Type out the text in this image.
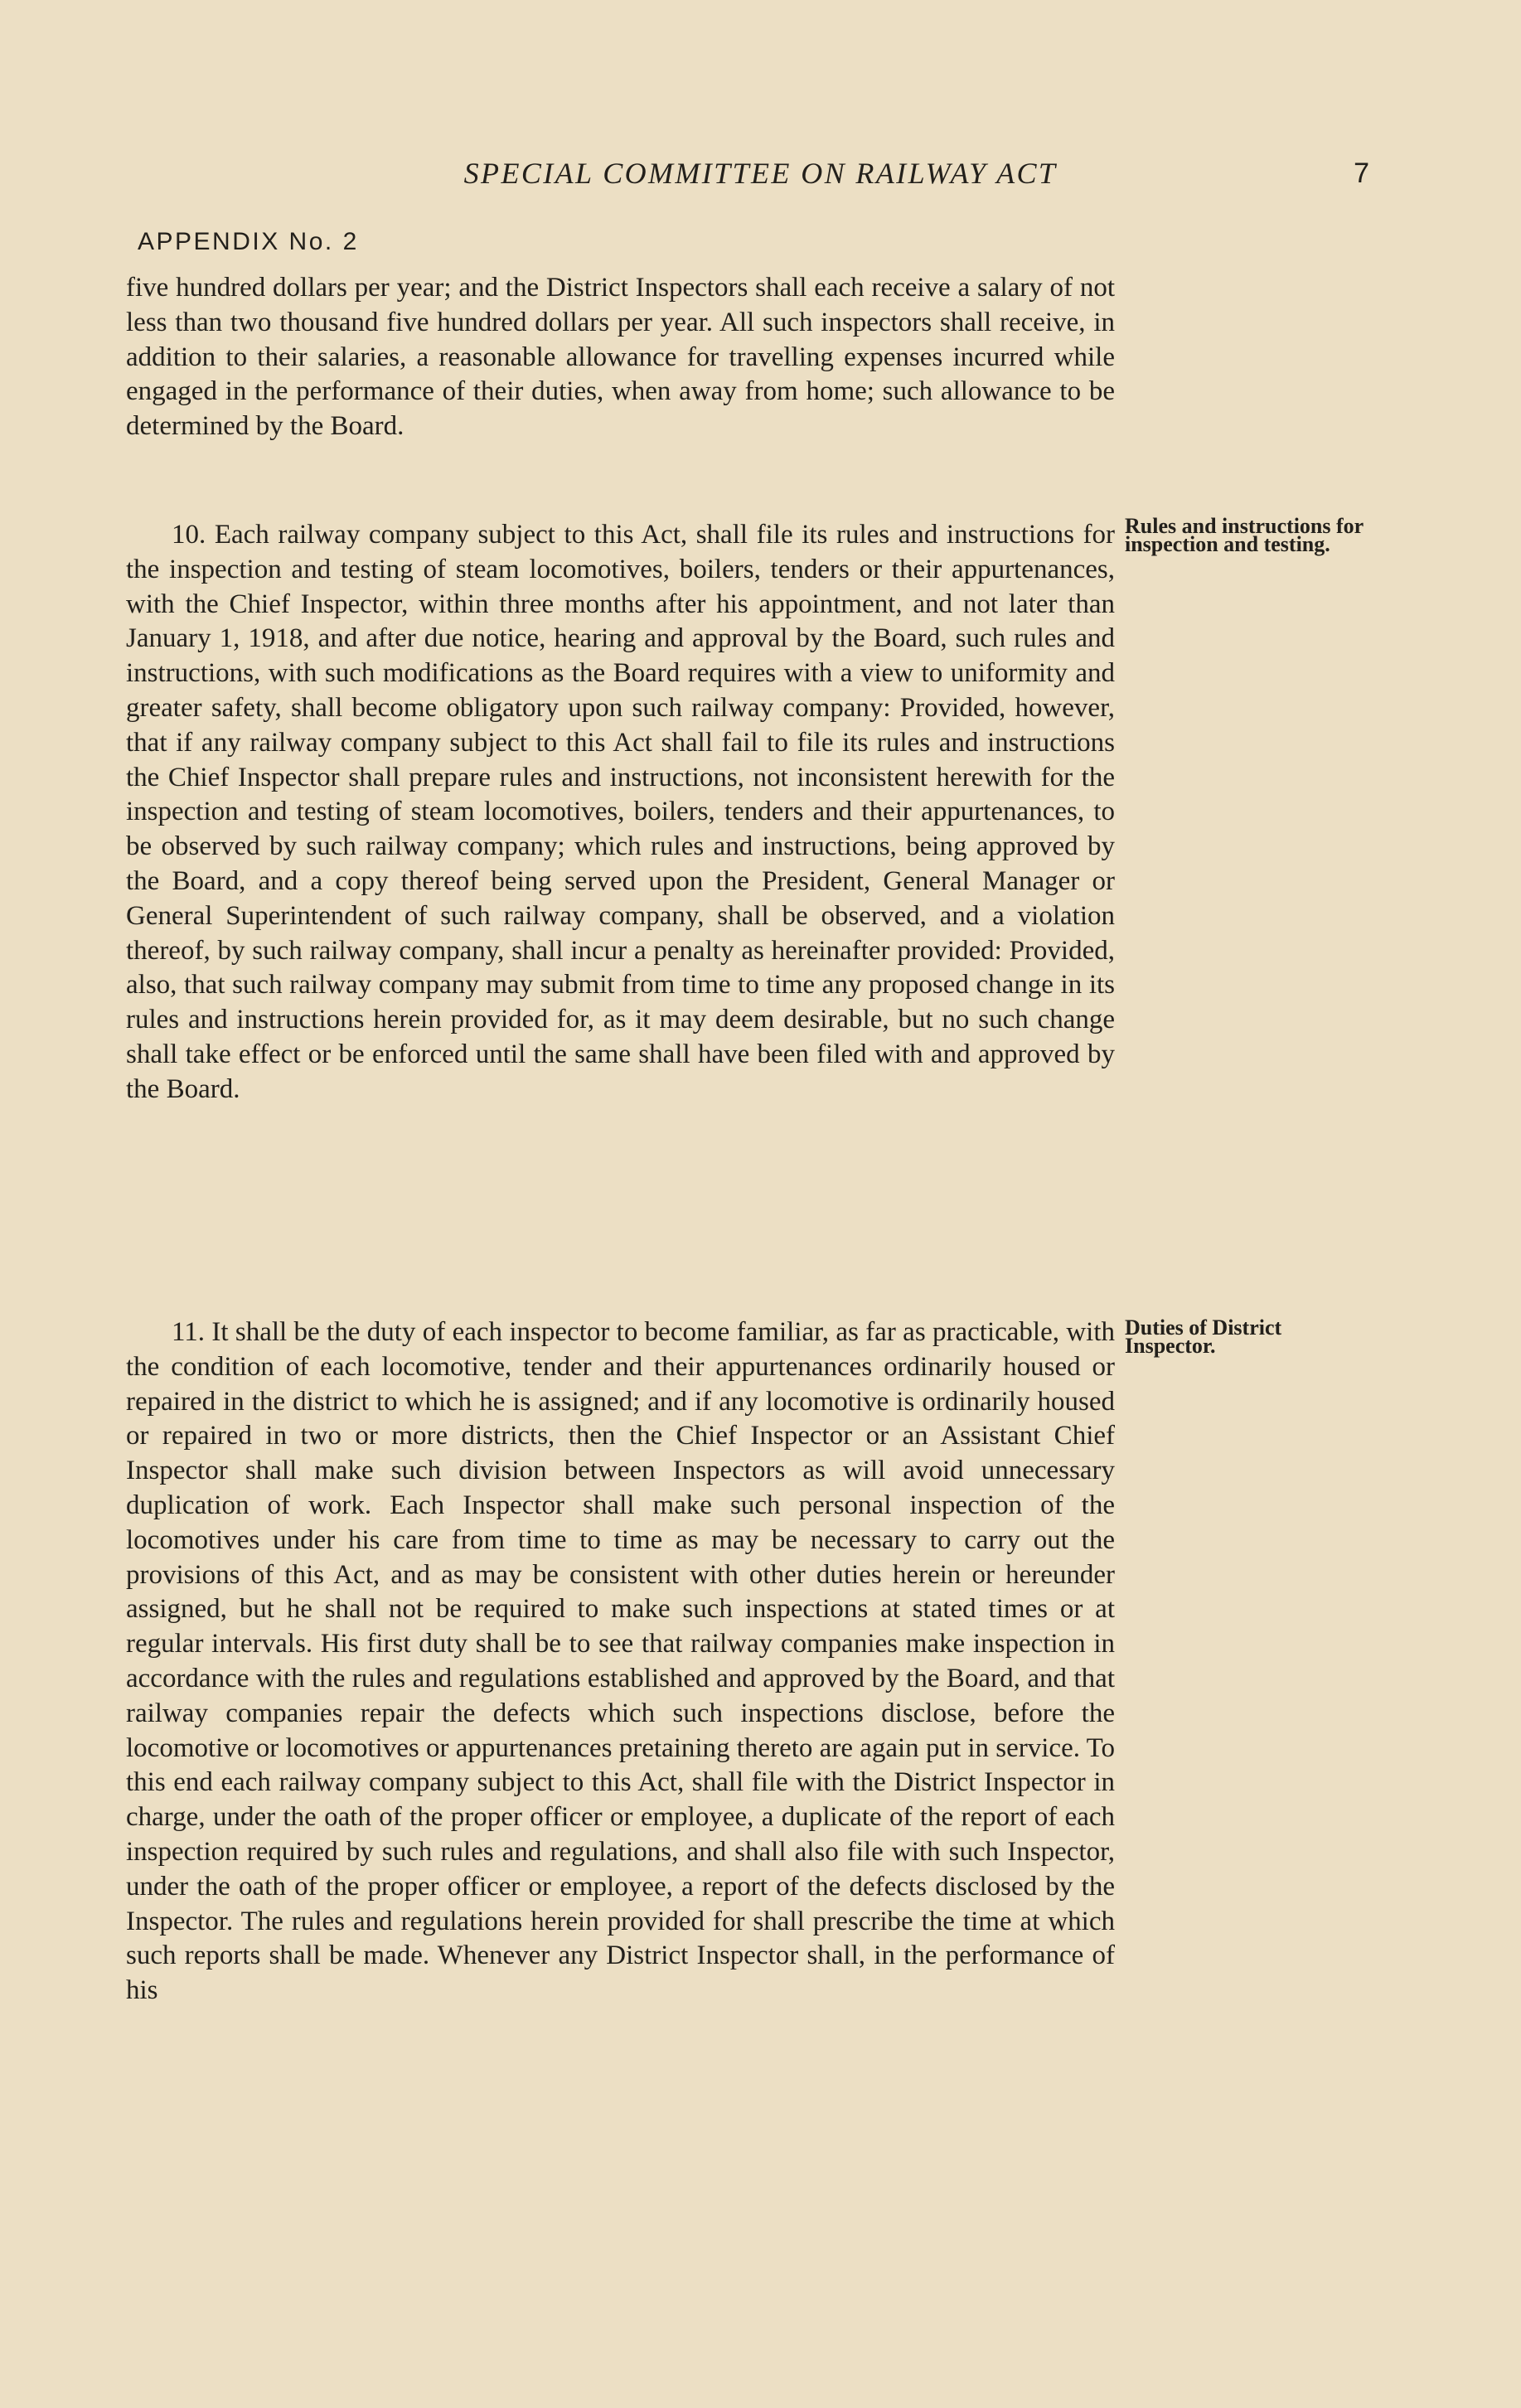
SPECIAL COMMITTEE ON RAILWAY ACT	7
APPENDIX No. 2

five hundred dollars per year; and the District Inspectors shall each receive a salary of not less than two thousand five hundred dollars per year. All such inspectors shall receive, in addition to their salaries, a reasonable allowance for travelling expenses incurred while engaged in the performance of their duties, when away from home; such allowance to be determined by the Board.

Rules and instructions for inspection and testing.

10. Each railway company subject to this Act, shall file its rules and instructions for the inspection and testing of steam locomotives, boilers, tenders or their appurtenances, with the Chief Inspector, within three months after his appointment, and not later than January 1, 1918, and after due notice, hearing and approval by the Board, such rules and instructions, with such modifications as the Board requires with a view to uniformity and greater safety, shall become obligatory upon such railway company: Provided, however, that if any railway company subject to this Act shall fail to file its rules and instructions the Chief Inspector shall prepare rules and instructions, not inconsistent herewith for the inspection and testing of steam locomotives, boilers, tenders and their appurtenances, to be observed by such railway company; which rules and instructions, being approved by the Board, and a copy thereof being served upon the President, General Manager or General Superintendent of such railway company, shall be observed, and a violation thereof, by such railway company, shall incur a penalty as hereinafter provided: Provided, also, that such railway company may submit from time to time any proposed change in its rules and instructions herein provided for, as it may deem desirable, but no such change shall take effect or be enforced until the same shall have been filed with and approved by the Board.

Duties of District Inspector.

11. It shall be the duty of each inspector to become familiar, as far as practicable, with the condition of each locomotive, tender and their appurtenances ordinarily housed or repaired in the district to which he is assigned; and if any locomotive is ordinarily housed or repaired in two or more districts, then the Chief Inspector or an Assistant Chief Inspector shall make such division between Inspectors as will avoid unnecessary duplication of work. Each Inspector shall make such personal inspection of the locomotives under his care from time to time as may be necessary to carry out the provisions of this Act, and as may be consistent with other duties herein or hereunder assigned, but he shall not be required to make such inspections at stated times or at regular intervals. His first duty shall be to see that railway companies make inspection in accordance with the rules and regulations established and approved by the Board, and that railway companies repair the defects which such inspections disclose, before the locomotive or locomotives or appurtenances pretaining thereto are again put in service. To this end each railway company subject to this Act, shall file with the District Inspector in charge, under the oath of the proper officer or employee, a duplicate of the report of each inspection required by such rules and regulations, and shall also file with such Inspector, under the oath of the proper officer or employee, a report of the defects disclosed by the Inspector. The rules and regulations herein provided for shall prescribe the time at which such reports shall be made. Whenever any District Inspector shall, in the performance of his
